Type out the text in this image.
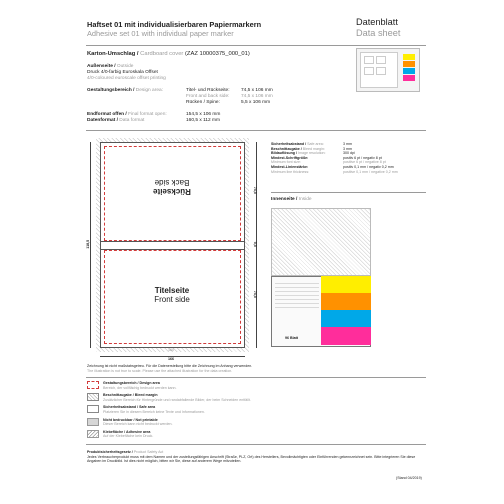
Haftset 01 mit individualisierbaren Papiermarkern
Adhesive set 01 with individual paper marker
Datenblatt
Data sheet
Karton-Umschlag / Cardboard cover (ZAZ 10000375_000_01)
Außenseite / Outside
Druck 4/0-farbig Euroskala Offset
4/0-coloured euroscale offset printing
Gestaltungsbereich / Design area:	Titel- und Rückseite:	74,5 x 106 mm
Front and back side:	74,5 x 106 mm
Rücken / Spine:	5,5 x 106 mm
Endformat offen / Final format open:	154,5 x 106 mm
Datenformat / Data format	160,5 x 112 mm
Rückseite
Back side
Titelseite
Front side
74,5
5,5
74,5
118,5
166
160
Sicherheitsabstand / Safe area:	3 mm
Beschnittzugabe / Bleed margin:	3 mm
Bildauflösung / Image resolution:	300 dpi
Mindest-Schriftgröße:	positiv 6 pt / negativ 8 pt
Minimum font size:	positive 6 pt / negative 8 pt
Mindest-Linienstärke:	positiv 0,1 mm / negativ 0,2 mm
Minimum line thickness:	positive 0,1 mm / negative 0,2 mm
Innenseite / Inside
96 Blatt
Zeichnung ist nicht maßstabsgetreu. Für die Datenerstellung bitte die Zeichnung im Anhang verwenden.
The illustration is not true to scale. Please use the attached illustration for the data creation.
Gestaltungsbereich / Design area
Bereich, der vollflächig bedruckt werden kann.
Beschnittzugabe / Bleed margin
Zusätzlicher Bereich für Hintergründe und randabfallende Bilder, der beim Schneiden entfällt.
Sicherheitsabstand / Safe area
Platzieren Sie in diesem Bereich keine Texte und Informationen.
Nicht bedruckbar / Not printable
Dieser Bereich kann nicht bedruckt werden.
Klebefläche / Adhesive area
Auf der Klebefläche kein Druck.
Produktsicherheitsgesetz / Product Safety Act
Jedes Verbraucherprodukt muss mit dem Namen und der zustellungsfähigen Anschrift (Straße, PLZ, Ort) des Herstellers, Bevollmächtigten oder Einführenden gekennzeichnet sein. Bitte integrieren Sie diese Angaben im Druckbild. Ist dies nicht möglich, bitten wir Sie, diese auf anderem Wege mitzuteilen.
(Stand 04/2019)
